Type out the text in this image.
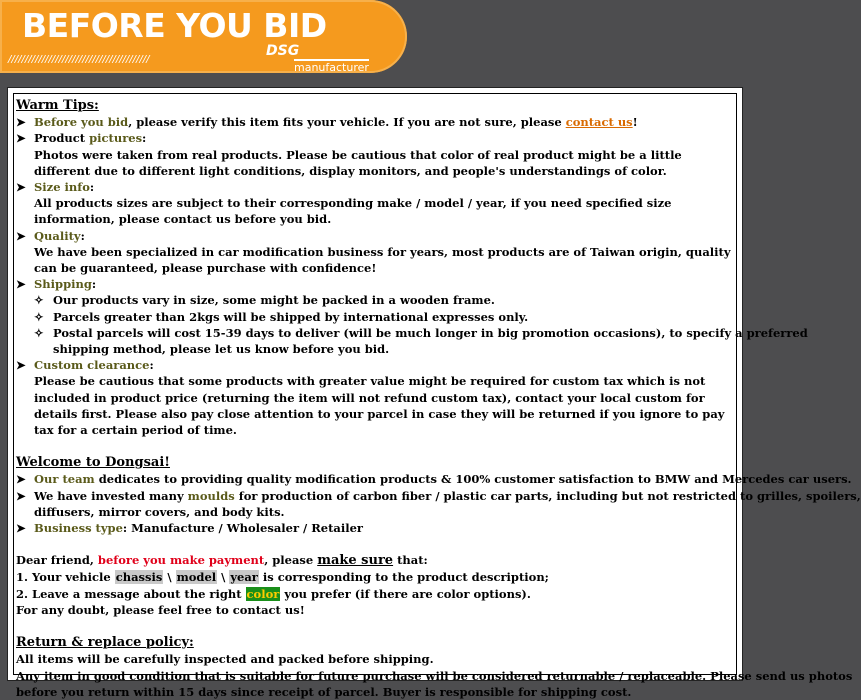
BEFORE YOU BID
//////////////////////////////////////////
DSG
manufacturer
Warm Tips:
➤ Before you bid, please verify this item fits your vehicle. If you are not sure, please contact us!
➤ Product pictures:
Photos were taken from real products. Please be cautious that color of real product might be a little different due to different light conditions, display monitors, and people's understandings of color.
➤ Size info:
All products sizes are subject to their corresponding make / model / year, if you need specified size information, please contact us before you bid.
➤ Quality:
We have been specialized in car modification business for years, most products are of Taiwan origin, quality can be guaranteed, please purchase with confidence!
➤ Shipping:
✧ Our products vary in size, some might be packed in a wooden frame.
✧ Parcels greater than 2kgs will be shipped by international expresses only.
✧ Postal parcels will cost 15-39 days to deliver (will be much longer in big promotion occasions), to specify a preferred
shipping method, please let us know before you bid.
➤ Custom clearance:
Please be cautious that some products with greater value might be required for custom tax which is not included in product price (returning the item will not refund custom tax), contact your local custom for details first. Please also pay close attention to your parcel in case they will be returned if you ignore to pay tax for a certain period of time.
Welcome to Dongsai!
➤ Our team dedicates to providing quality modification products & 100% customer satisfaction to BMW and Mercedes car users.
➤ We have invested many moulds for production of carbon fiber / plastic car parts, including but not restricted to grilles, spoilers,
diffusers, mirror covers, and body kits.
➤ Business type: Manufacture / Wholesaler / Retailer
Dear friend, before you make payment, please make sure that:
1. Your vehicle chassis \ model \ year is corresponding to the product description;
2. Leave a message about the right color you prefer (if there are color options).
For any doubt, please feel free to contact us!
Return & replace policy:
All items will be carefully inspected and packed before shipping.
Any item in good condition that is suitable for future purchase will be considered returnable / replaceable. Please send us photos
before you return within 15 days since receipt of parcel. Buyer is responsible for shipping cost.
